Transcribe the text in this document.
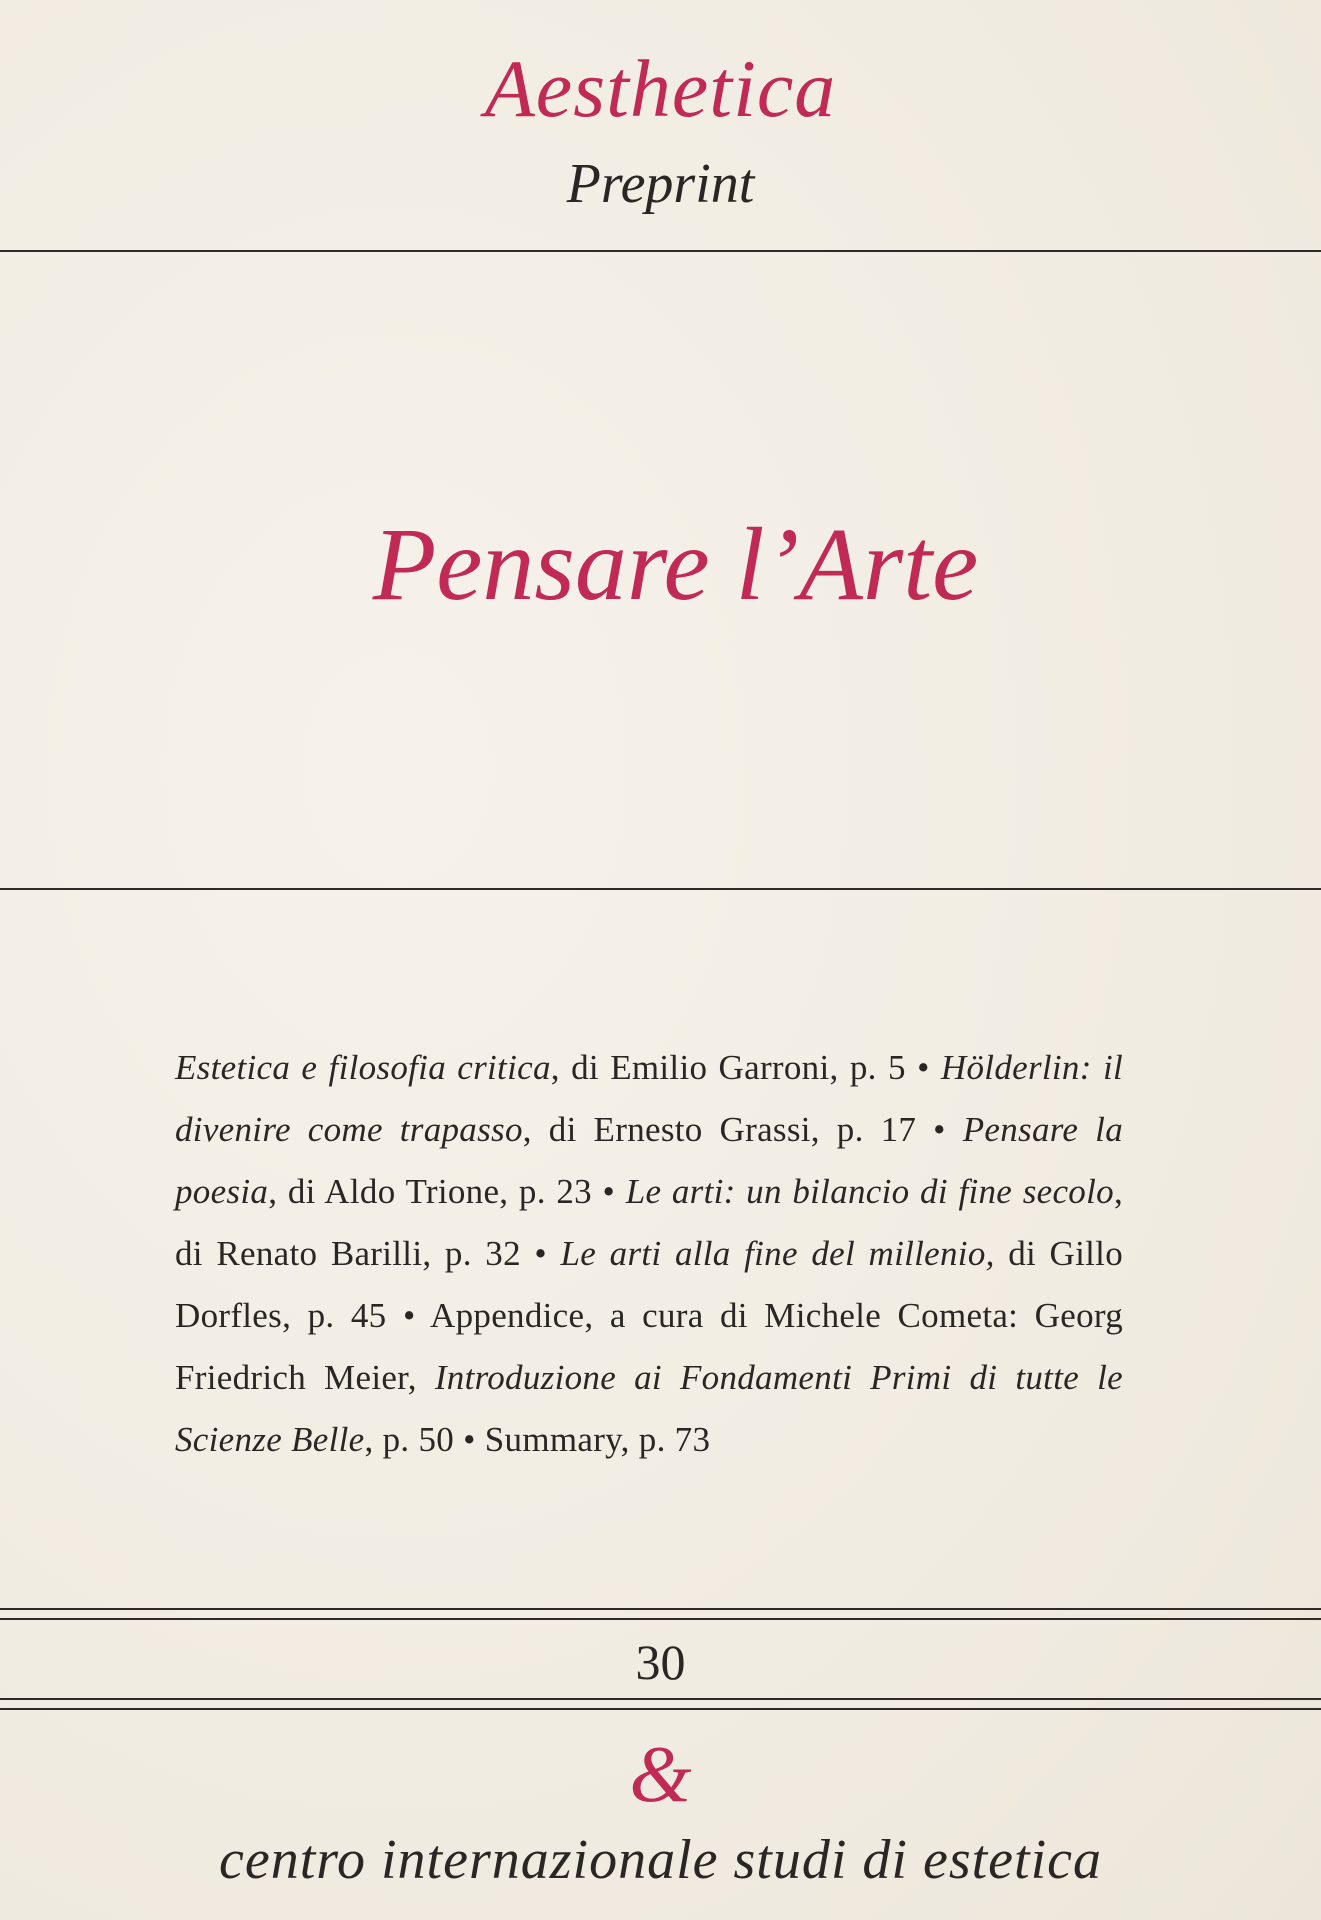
Aesthetica
Preprint
Pensare l’Arte
Estetica e filosofia critica, di Emilio Garroni, p. 5 • Hölderlin: il divenire come trapasso, di Ernesto Grassi, p. 17 • Pensare la poesia, di Aldo Trione, p. 23 • Le arti: un bilancio di fine secolo, di Renato Barilli, p. 32 • Le arti alla fine del millenio, di Gillo Dorfles, p. 45 • Appendice, a cura di Michele Cometa: Georg Friedrich Meier, Introduzione ai Fondamenti Primi di tutte le Scienze Belle, p. 50 • Summary, p. 73
30
&
centro internazionale studi di estetica
